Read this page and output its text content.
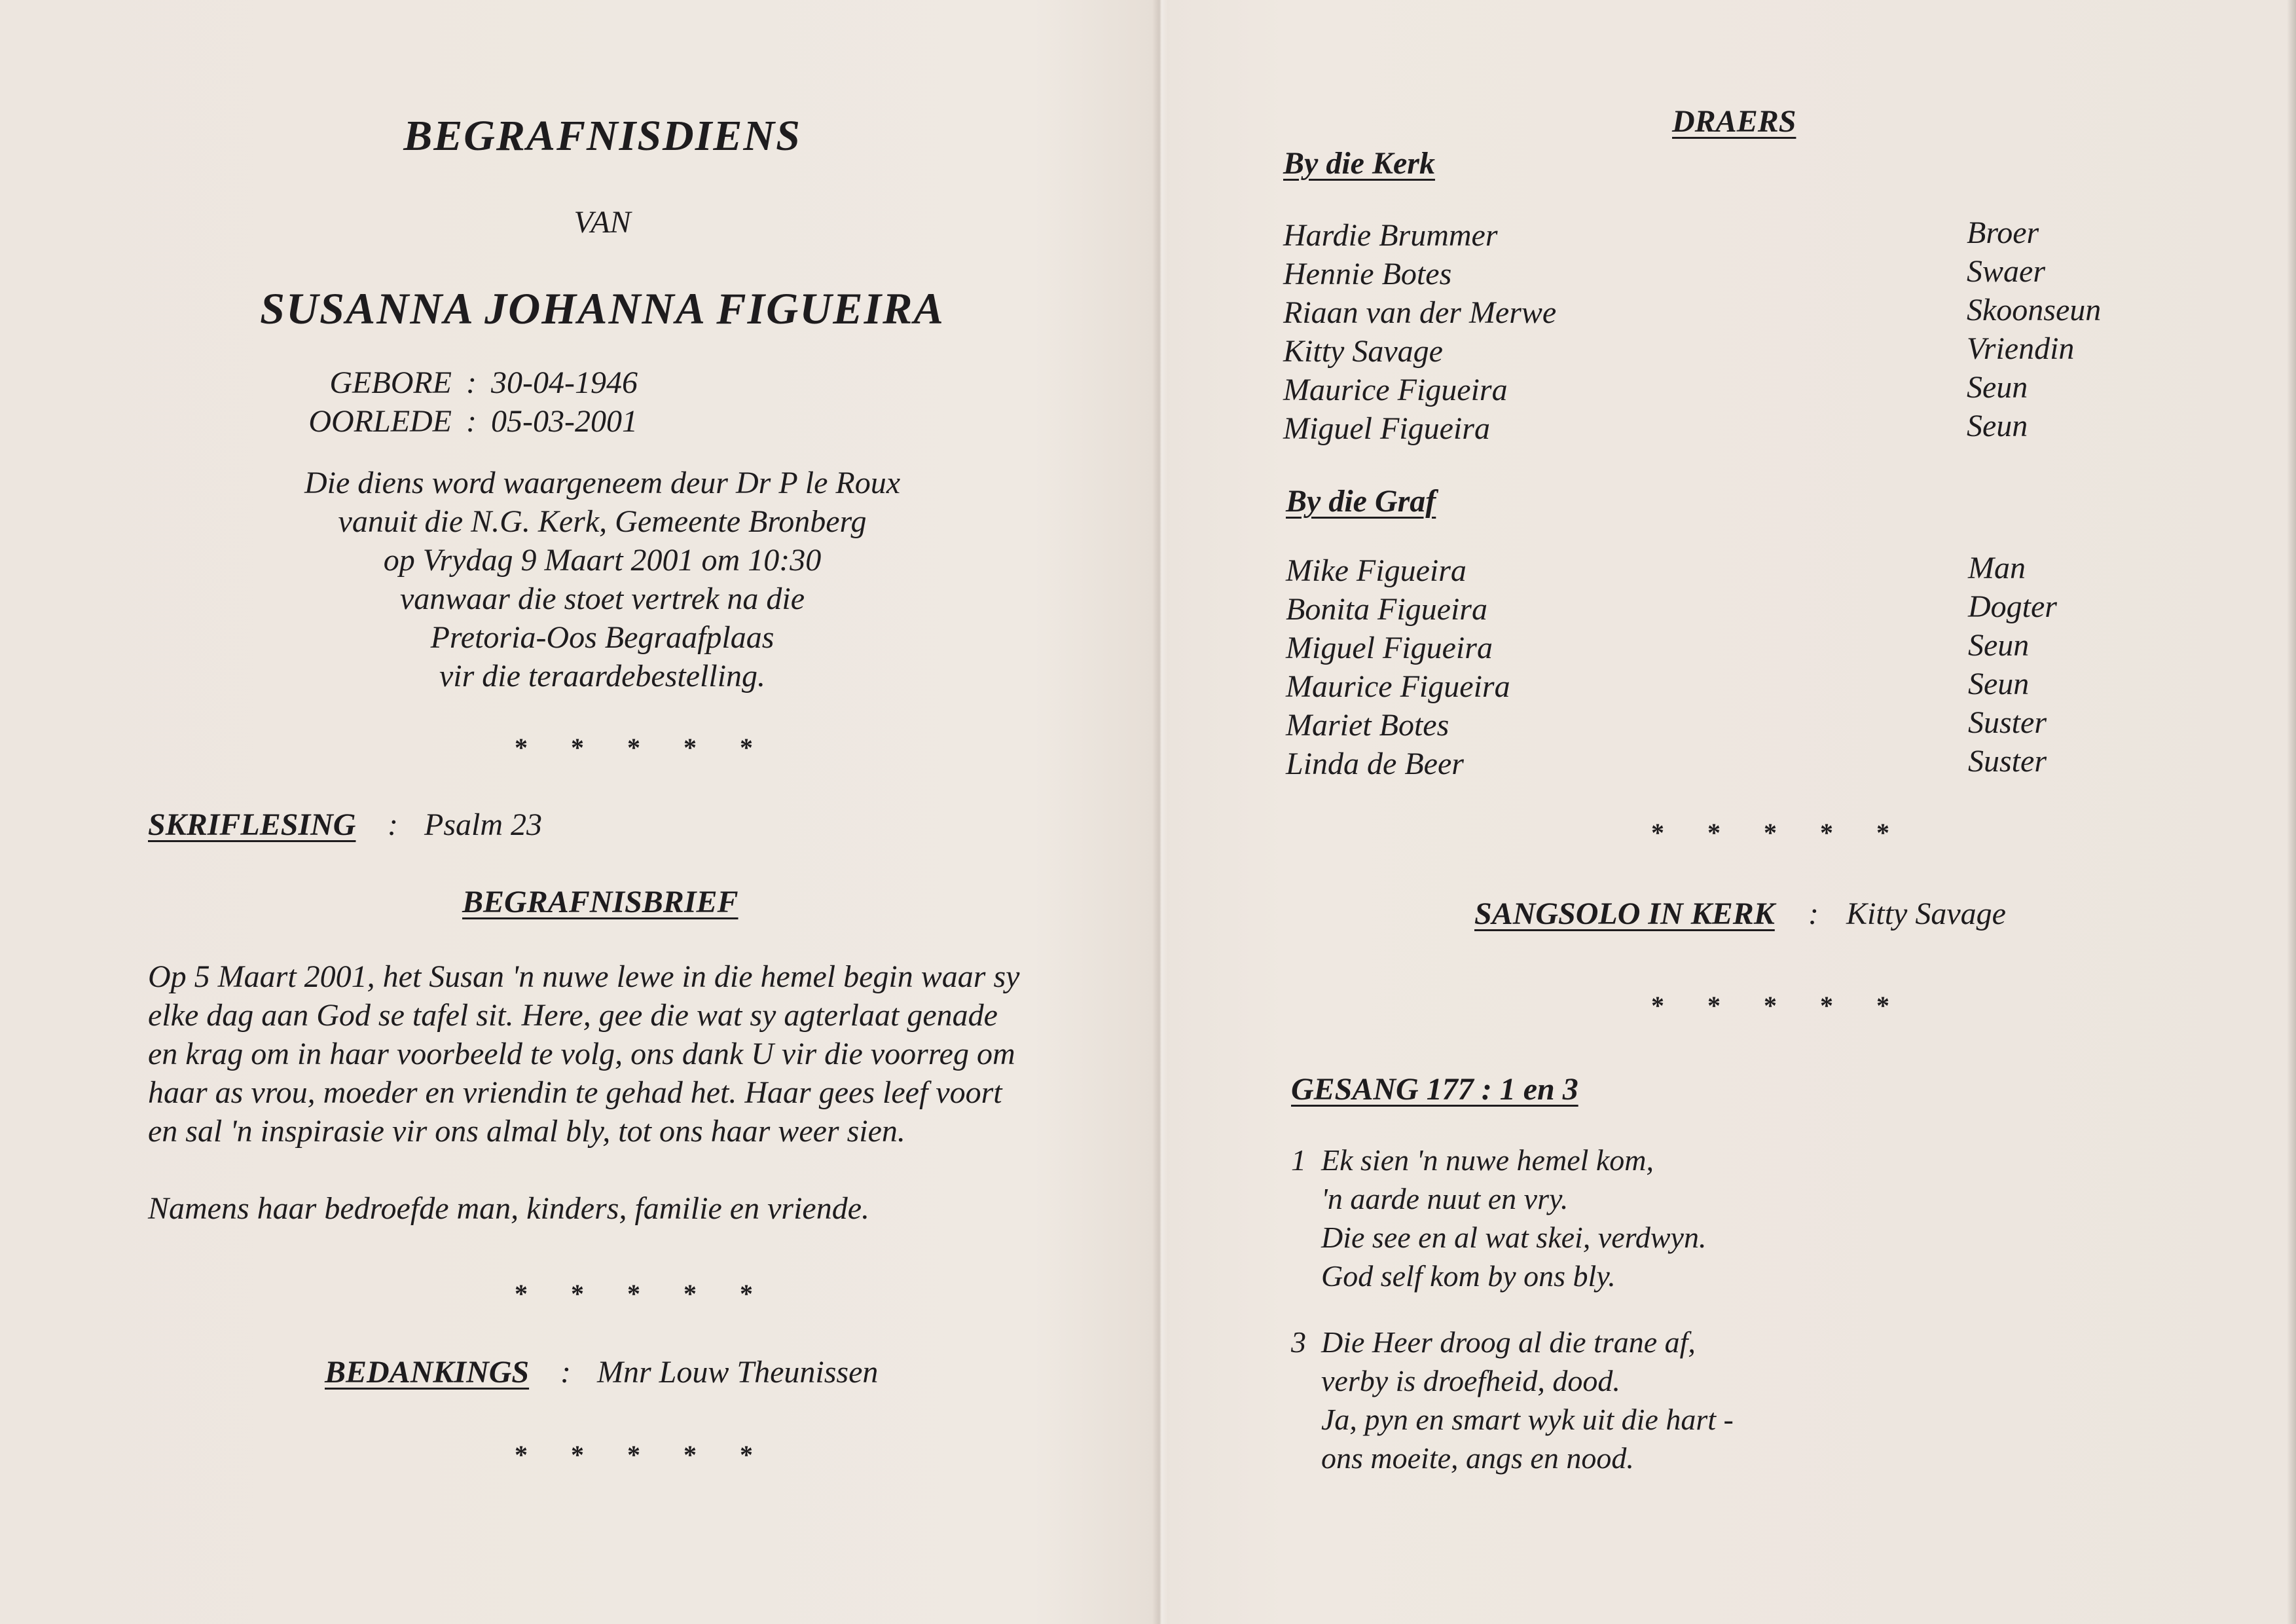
BEGRAFNISDIENS
VAN
SUSANNA JOHANNA FIGUEIRA
GEBORE : 30-04-1946
OORLEDE : 05-03-2001
Die diens word waargeneem deur Dr P le Roux
vanuit die N.G. Kerk, Gemeente Bronberg
op Vrydag 9 Maart 2001 om 10:30
vanwaar die stoet vertrek na die
Pretoria-Oos Begraafplaas
vir die teraardebestelling.
* * * * *
SKRIFLESING : Psalm 23
BEGRAFNISBRIEF

Op 5 Maart 2001, het Susan 'n nuwe lewe in die hemel begin waar sy

elke dag aan God se tafel sit. Here, gee die wat sy agterlaat genade

en krag om in haar voorbeeld te volg, ons dank U vir die voorreg om

haar as vrou, moeder en vriendin te gehad het. Haar gees leef voort

en sal 'n inspirasie vir ons almal bly, tot ons haar weer sien.

Namens haar bedroefde man, kinders, familie en vriende.
* * * * *
BEDANKINGS : Mnr Louw Theunissen
* * * * *
DRAERS
By die Kerk
Hardie Brummer
Hennie Botes
Riaan van der Merwe
Kitty Savage
Maurice Figueira
Miguel Figueira
Broer
Swaer
Skoonseun
Vriendin
Seun
Seun
By die Graf
Mike Figueira
Bonita Figueira
Miguel Figueira
Maurice Figueira
Mariet Botes
Linda de Beer
Man
Dogter
Seun
Seun
Suster
Suster
* * * * *
SANGSOLO IN KERK : Kitty Savage
* * * * *
GESANG 177 : 1 en 3
1 Ek sien 'n nuwe hemel kom,
'n aarde nuut en vry.
Die see en al wat skei, verdwyn.
God self kom by ons bly.
3 Die Heer droog al die trane af,
verby is droefheid, dood.
Ja, pyn en smart wyk uit die hart -
ons moeite, angs en nood.
